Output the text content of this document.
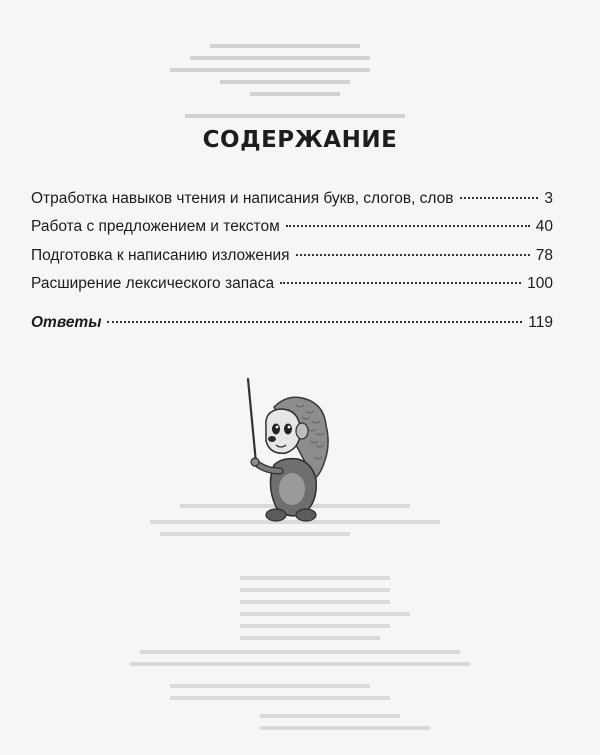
СОДЕРЖАНИЕ
Отработка навыков чтения и написания букв, слогов, слов	3
Работа с предложением и текстом	40
Подготовка к написанию изложения	78
Расширение лексического запаса	100
Ответы	119
